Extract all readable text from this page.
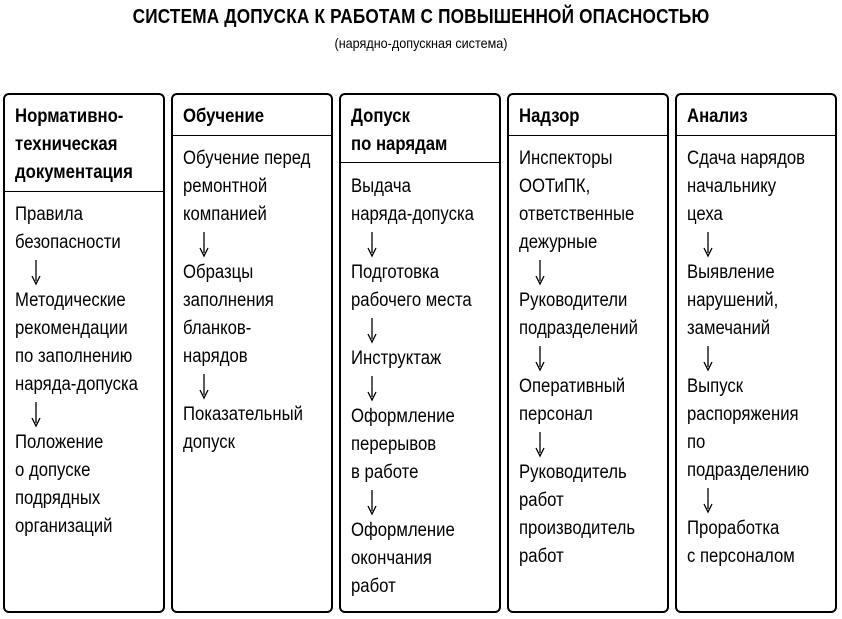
СИСТЕМА ДОПУСКА К РАБОТАМ С ПОВЫШЕННОЙ ОПАСНОСТЬЮ
(нарядно-допускная система)
Нормативно-
техническая
документация
Правила
безопасности
Методические
рекомендации
по заполнению
наряда-допуска
Положение
о допуске
подрядных
организаций
Обучение
Обучение перед
ремонтной
компанией
Образцы
заполнения
бланков-
нарядов
Показательный
допуск
Допуск
по нарядам
Выдача
наряда-допуска
Подготовка
рабочего места
Инструктаж
Оформление
перерывов
в работе
Оформление
окончания
работ
Надзор
Инспекторы
ООТиПК,
ответственные
дежурные
Руководители
подразделений
Оперативный
персонал
Руководитель
работ
производитель
работ
Анализ
Сдача нарядов
начальнику
цеха
Выявление
нарушений,
замечаний
Выпуск
распоряжения
по
подразделению
Проработка
с персоналом
